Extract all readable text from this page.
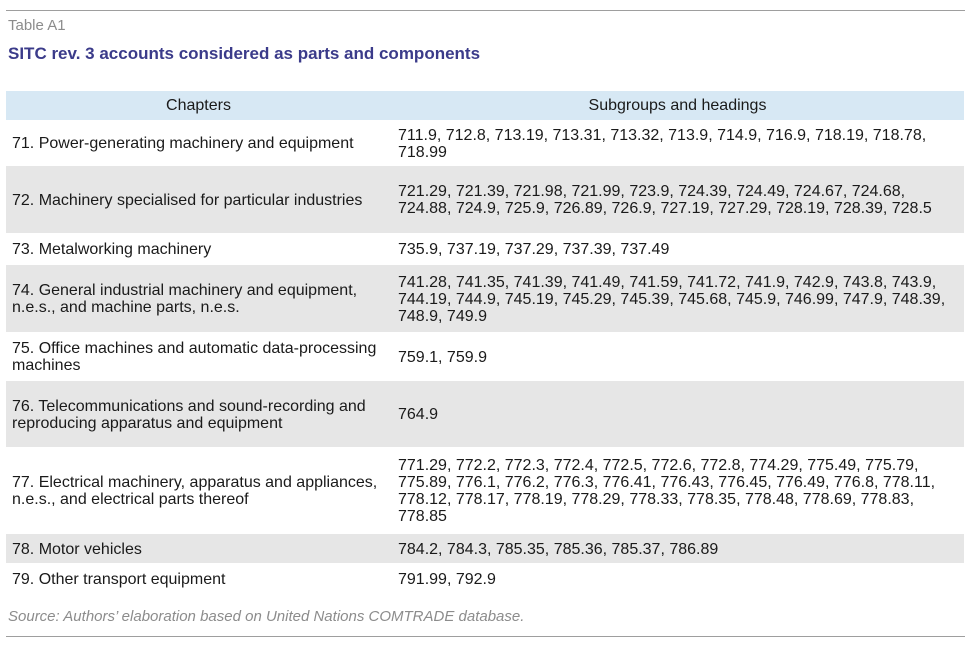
Table A1
SITC rev. 3 accounts considered as parts and components
Chapters	Subgroups and headings
71. Power-generating machinery and equipment	711.9, 712.8, 713.19, 713.31, 713.32, 713.9, 714.9, 716.9, 718.19, 718.78, 718.99
72. Machinery specialised for particular industries	721.29, 721.39, 721.98, 721.99, 723.9, 724.39, 724.49, 724.67, 724.68, 724.88, 724.9, 725.9, 726.89, 726.9, 727.19, 727.29, 728.19, 728.39, 728.5
73. Metalworking machinery	735.9, 737.19, 737.29, 737.39, 737.49
74. General industrial machinery and equipment, n.e.s., and machine parts, n.e.s.	741.28, 741.35, 741.39, 741.49, 741.59, 741.72, 741.9, 742.9, 743.8, 743.9, 744.19, 744.9, 745.19, 745.29, 745.39, 745.68, 745.9, 746.99, 747.9, 748.39, 748.9, 749.9
75. Office machines and automatic data-processing machines	759.1, 759.9
76. Telecommunications and sound-recording and reproducing apparatus and equipment	764.9
77. Electrical machinery, apparatus and appliances, n.e.s., and electrical parts thereof	771.29, 772.2, 772.3, 772.4, 772.5, 772.6, 772.8, 774.29, 775.49, 775.79, 775.89, 776.1, 776.2, 776.3, 776.41, 776.43, 776.45, 776.49, 776.8, 778.11, 778.12, 778.17, 778.19, 778.29, 778.33, 778.35, 778.48, 778.69, 778.83, 778.85
78. Motor vehicles	784.2, 784.3, 785.35, 785.36, 785.37, 786.89
79. Other transport equipment	791.99, 792.9
Source: Authors’ elaboration based on United Nations COMTRADE database.
